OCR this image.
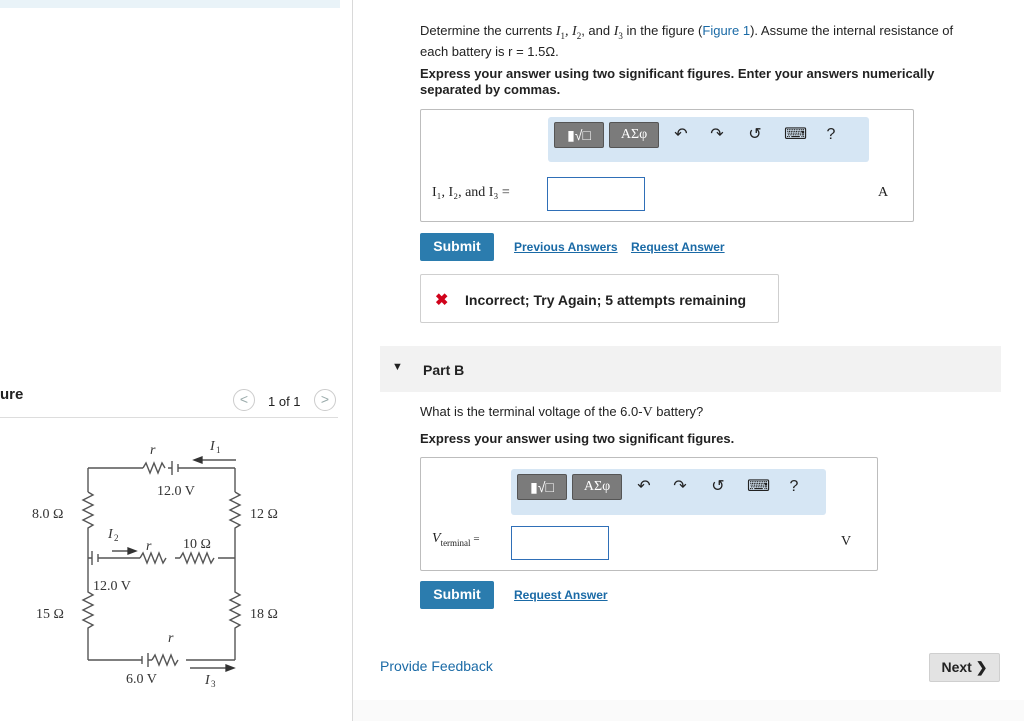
ure	<	1 of 1	>
r	I 1
12.0 V
8.0 Ω	12 Ω
I 2
r 10 Ω
12.0 V
15 Ω	18 Ω
r
6.0 V	I 3
Determine the currents $I_1$, $I_2$, and $I_3$ in the figure (Figure 1). Assume the internal resistance of
each battery is r = 1.5Ω.
Express your answer using two significant figures. Enter your answers numerically separated by commas.
▮√□	ΑΣφ	↶ ↷ ↺ ⌨	?
I₁, I₂, and I₃ =	A
Submit	Previous Answers Request Answer
✖ Incorrect; Try Again; 5 attempts remaining
▼ Part B
What is the terminal voltage of the 6.0-V battery?
Express your answer using two significant figures.
▮√□	ΑΣφ	↶ ↷ ↺ ⌨	?
$V_{terminal}$ =	V
Submit	Request Answer
Provide Feedback	Next ❯
